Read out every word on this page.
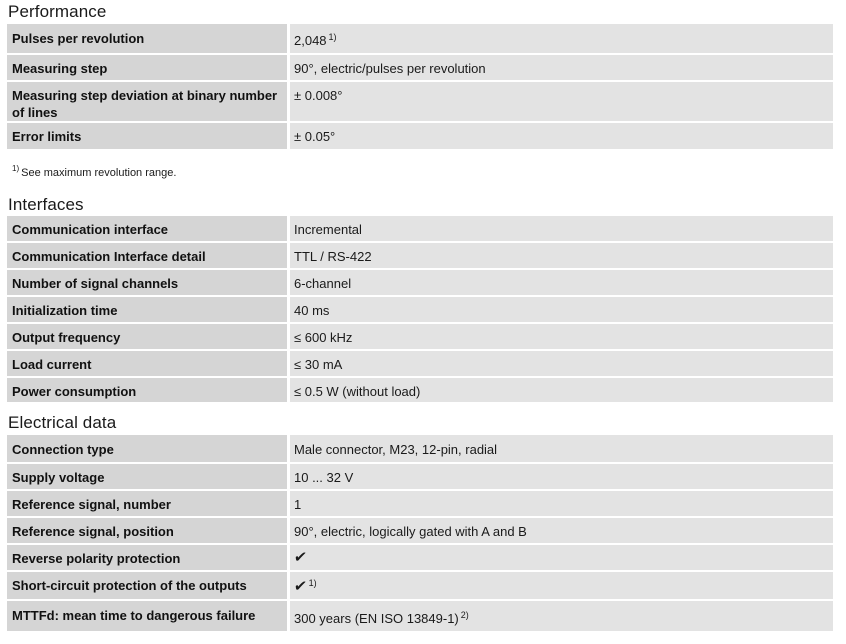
Performance
Pulses per revolution	2,048 $^{1)}$
Measuring step	90°, electric/pulses per revolution
Measuring step deviation at binary number of lines	± 0.008°
Error limits	± 0.05°
$^{1)}$ See maximum revolution range.
Interfaces
Communication interface	Incremental
Communication Interface detail	TTL / RS-422
Number of signal channels	6-channel
Initialization time	40 ms
Output frequency	≤ 600 kHz
Load current	≤ 30 mA
Power consumption	≤ 0.5 W (without load)
Electrical data
Connection type	Male connector, M23, 12-pin, radial
Supply voltage	10 ... 32 V
Reference signal, number	1
Reference signal, position	90°, electric, logically gated with A and B
Reverse polarity protection	✔
Short-circuit protection of the outputs	✔$^{1)}$
MTTFd: mean time to dangerous failure	300 years (EN ISO 13849-1) $^{2)}$
